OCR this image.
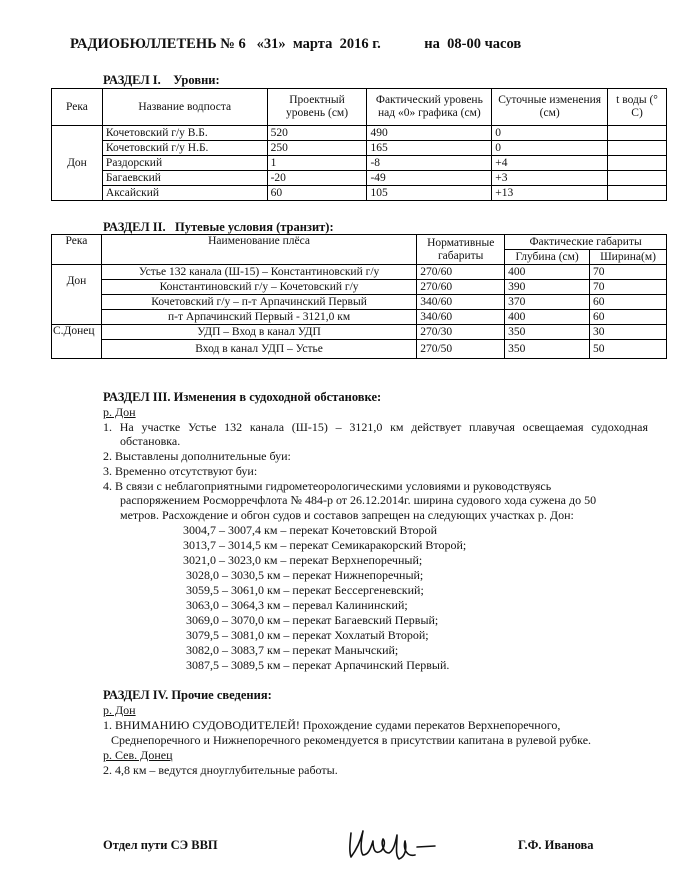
РАДИОБЮЛЛЕТЕНЬ № 6   «31»  марта  2016 г.            на  08-00 часов
РАЗДЕЛ I.    Уровни:
Река	Название водпоста	Проектный уровень (см)	Фактический уровень над «0» графика (см)	Суточные изменения (см)	t воды (° C)
Дон	Кочетовский г/у В.Б.	520	490	0	
	Кочетовский г/у Н.Б.	250	165	0	
	Раздорский	1	-8	+4	
	Багаевский	-20	-49	+3	
	Аксайский	60	105	+13	
РАЗДЕЛ II.   Путевые условия (транзит):
Река	Наименование плёса	Нормативные габариты	Фактические габариты	
			Глубина (см)	Ширина(м)
Дон	Устье 132 канала (Ш-15) – Константиновский г/у	270/60	400	70
	Константиновский г/у – Кочетовский г/у	270/60	390	70
	Кочетовский г/у – п-т Арпачинский Первый	340/60	370	60
	п-т Арпачинский Первый - 3121,0 км	340/60	400	60
С.Донец	УДП – Вход в канал УДП	270/30	350	30
	Вход в канал УДП – Устье	270/50	350	50
РАЗДЕЛ III. Изменения в судоходной обстановке:
р. Дон
1. На участке Устье 132 канала (Ш-15) – 3121,0 км действует плавучая освещаемая судоходная
обстановка.
2. Выставлены дополнительные буи:
3. Временно отсутствуют буи:
4. В связи с неблагоприятными гидрометеорологическими условиями и руководствуясь
распоряжением Росморречфлота № 484-р от 26.12.2014г. ширина судового хода сужена до 50
метров. Расхождение и обгон судов и составов запрещен на следующих участках р. Дон:
3004,7 – 3007,4 км – перекат Кочетовский Второй
3013,7 – 3014,5 км – перекат Семикаракорский Второй;
3021,0 – 3023,0 км – перекат Верхнепоречный;
3028,0 – 3030,5 км – перекат Нижнепоречный;
3059,5 – 3061,0 км – перекат Бессергеневский;
3063,0 – 3064,3 км – перевал Калининский;
3069,0 – 3070,0 км – перекат Багаевский Первый;
3079,5 – 3081,0 км – перекат Хохлатый Второй;
3082,0 – 3083,7 км – перекат Манычский;
3087,5 – 3089,5 км – перекат Арпачинский Первый.
РАЗДЕЛ IV. Прочие сведения:
р. Дон
1. ВНИМАНИЮ СУДОВОДИТЕЛЕЙ! Прохождение судами перекатов Верхнепоречного,
Среднепоречного и Нижнепоречного рекомендуется в присутствии капитана в рулевой рубке.
р. Сев. Донец
2. 4,8 км – ведутся дноуглубительные работы.
Отдел пути СЭ ВВП	Г.Ф. Иванова
